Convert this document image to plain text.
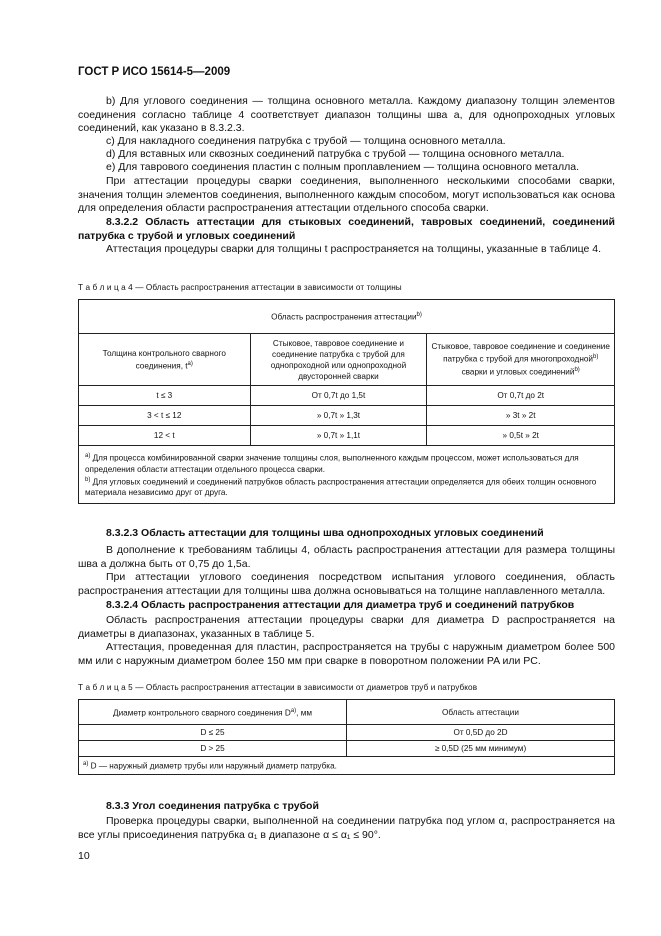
ГОСТ Р ИСО 15614-5—2009
b) Для углового соединения — толщина основного металла. Каждому диапазону толщин элементов соединения согласно таблице 4 соответствует диапазон толщины шва a, для однопроходных угловых соединений, как указано в 8.3.2.3.
c) Для накладного соединения патрубка с трубой — толщина основного металла.
d) Для вставных или сквозных соединений патрубка с трубой — толщина основного металла.
e) Для таврового соединения пластин с полным проплавлением — толщина основного металла.
При аттестации процедуры сварки соединения, выполненного несколькими способами сварки, значения толщин элементов соединения, выполненного каждым способом, могут использоваться как основа для определения области распространения аттестации отдельного способа сварки.
8.3.2.2 Область аттестации для стыковых соединений, тавровых соединений, соединений патрубка с трубой и угловых соединений
Аттестация процедуры сварки для толщины t распространяется на толщины, указанные в таблице 4.
Т а б л и ц а 4 — Область распространения аттестации в зависимости от толщины
Область распространения аттестации$^{b)}$
Толщина контрольного сварного соединения, $t^{a)}$	Стыковое, тавровое соединение и соединение патрубка с трубой для однопроходной или однопроходной двусторонней сварки	Стыковое, тавровое соединение и соединение патрубка с трубой для многопроходной$^{b)}$ сварки и угловых соединений$^{b)}$
t ≤ 3	От 0,7t до 1,5t	От 0,7t до 2t
3 < t ≤ 12	» 0,7t » 1,3t	» 3t » 2t
12 < t	» 0,7t » 1,1t	» 0,5t » 2t

$^{a)}$ Для процесса комбинированной сварки значение толщины слоя, выполненного каждым процессом, может использоваться для определения области аттестации отдельного процесса сварки.
$^{b)}$ Для угловых соединений и соединений патрубков область распространения аттестации определяется для обеих толщин основного материала независимо друг от друга.		
8.3.2.3 Область аттестации для толщины шва однопроходных угловых соединений
В дополнение к требованиям таблицы 4, область распространения аттестации для размера толщины шва a должна быть от 0,75 до 1,5a.
При аттестации углового соединения посредством испытания углового соединения, область распространения аттестации для толщины шва должна основываться на толщине наплавленного металла.
8.3.2.4 Область распространения аттестации для диаметра труб и соединений патрубков
Область распространения аттестации процедуры сварки для диаметра D распространяется на диаметры в диапазонах, указанных в таблице 5.
Аттестация, проведенная для пластин, распространяется на трубы с наружным диаметром более 500 мм или с наружным диаметром более 150 мм при сварке в поворотном положении PA или PC.
Т а б л и ц а 5 — Область распространения аттестации в зависимости от диаметров труб и патрубков
Диаметр контрольного сварного соединения $D^{a)}$, мм	Область аттестации
D ≤ 25	От 0,5D до 2D
D > 25	≥ 0,5D (25 мм минимум)
$^{a)}$ D — наружный диаметр трубы или наружный диаметр патрубка.	
8.3.3 Угол соединения патрубка с трубой
Проверка процедуры сварки, выполненной на соединении патрубка под углом α, распространяется на все углы присоединения патрубка α₁ в диапазоне α ≤ α₁ ≤ 90°.
10
